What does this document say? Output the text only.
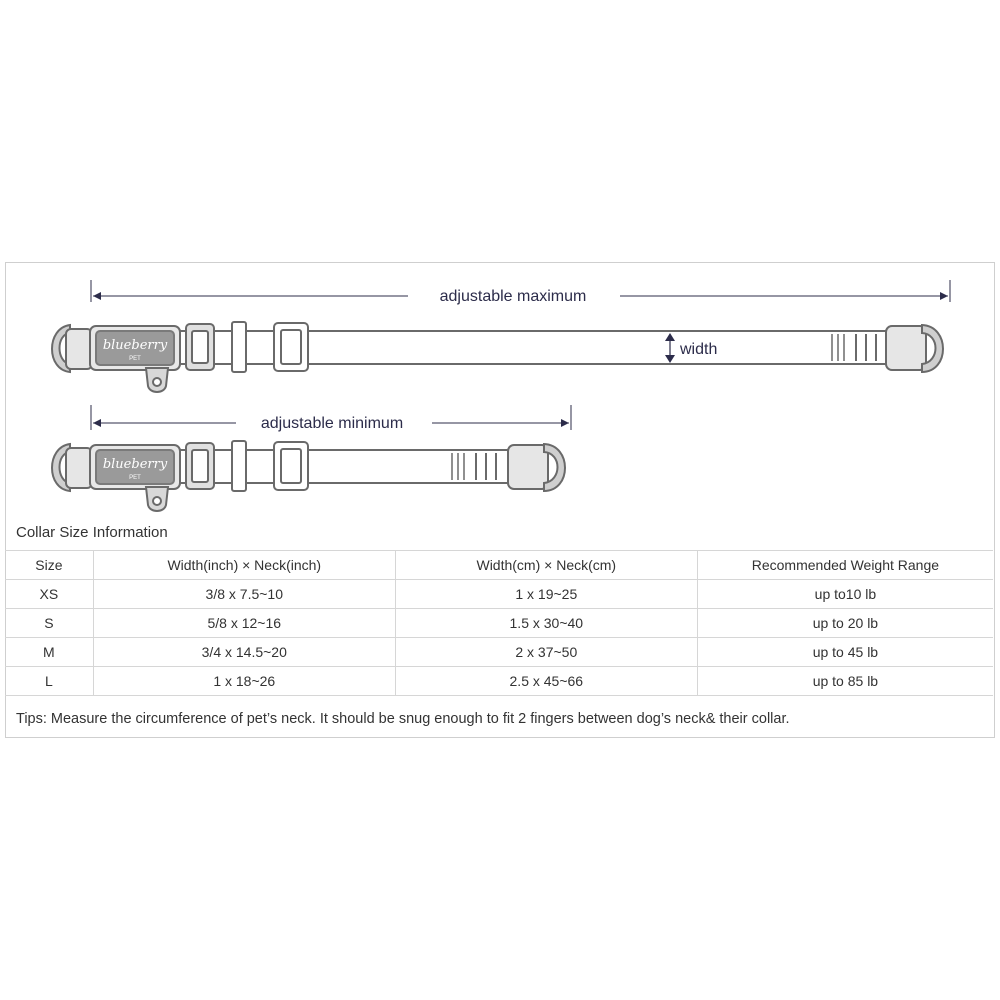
adjustable maximum
blueberry
PET
width
adjustable minimum
blueberry
PET
Collar Size Information
Size	Width(inch) × Neck(inch)	Width(cm) × Neck(cm)	Recommended Weight Range
XS	3/8 x 7.5~10	1 x 19~25	up to10 lb
S	5/8 x 12~16	1.5 x 30~40	up to 20 lb
M	3/4 x 14.5~20	2 x 37~50	up to 45 lb
L	1 x 18~26	2.5 x 45~66	up to 85 lb
Tips: Measure the circumference of pet’s neck. It should be snug enough to fit 2 fingers between dog’s neck& their collar.
